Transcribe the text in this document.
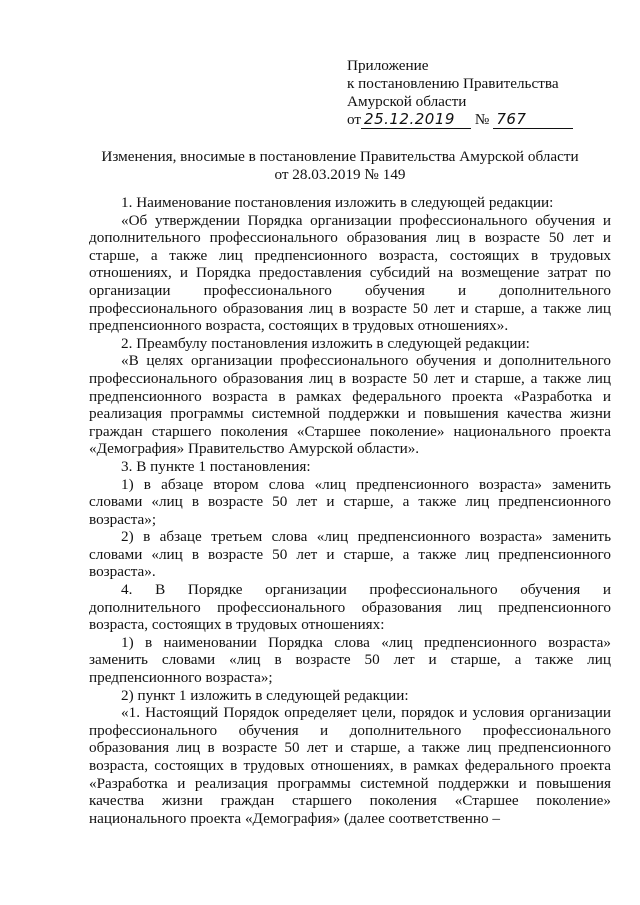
Приложение
к постановлению Правительства
Амурской области
от 25.12.2019 № 767
Изменения, вносимые в постановление Правительства Амурской области
от 28.03.2019 № 149

1. Наименование постановления изложить в следующей редакции:

«Об утверждении Порядка организации профессионального обучения и дополнительного профессионального образования лиц в возрасте 50 лет и старше, а также лиц предпенсионного возраста, состоящих в трудовых отношениях, и Порядка предоставления субсидий на возмещение затрат по организации профессионального обучения и дополнительного профессионального образования лиц в возрасте 50 лет и старше, а также лиц предпенсионного возраста, состоящих в трудовых отношениях».

2. Преамбулу постановления изложить в следующей редакции:

«В целях организации профессионального обучения и дополнительного профессионального образования лиц в возрасте 50 лет и старше, а также лиц предпенсионного возраста в рамках федерального проекта «Разработка и реализация программы системной поддержки и повышения качества жизни граждан старшего поколения «Старшее поколение» национального проекта «Демография» Правительство Амурской области».

3. В пункте 1 постановления:

1) в абзаце втором слова «лиц предпенсионного возраста» заменить словами «лиц в возрасте 50 лет и старше, а также лиц предпенсионного возраста»;

2) в абзаце третьем слова «лиц предпенсионного возраста» заменить словами «лиц в возрасте 50 лет и старше, а также лиц предпенсионного возраста».

4. В Порядке организации профессионального обучения и дополнительного профессионального образования лиц предпенсионного возраста, состоящих в трудовых отношениях:

1) в наименовании Порядка слова «лиц предпенсионного возраста» заменить словами «лиц в возрасте 50 лет и старше, а также лиц предпенсионного возраста»;

2) пункт 1 изложить в следующей редакции:

«1. Настоящий Порядок определяет цели, порядок и условия организации профессионального обучения и дополнительного профессионального образования лиц в возрасте 50 лет и старше, а также лиц предпенсионного возраста, состоящих в трудовых отношениях, в рамках федерального проекта «Разработка и реализация программы системной поддержки и повышения качества жизни граждан старшего поколения «Старшее поколение» национального проекта «Демография» (далее соответственно –
